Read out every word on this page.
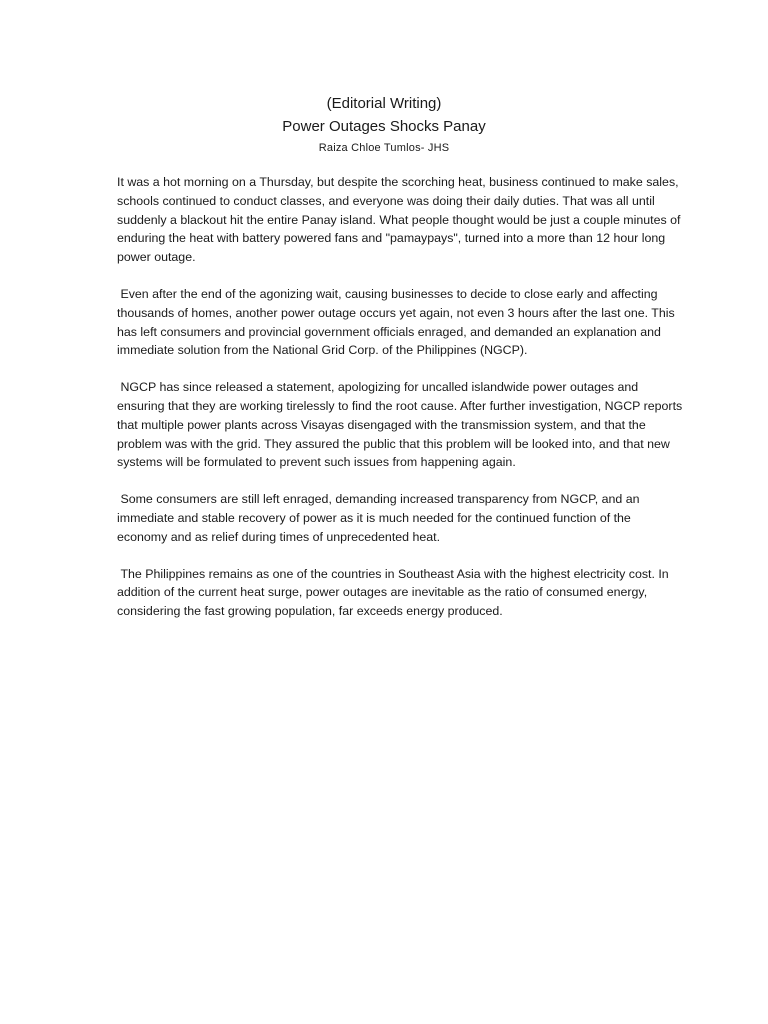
(Editorial Writing)

Power Outages Shocks Panay

Raiza Chloe Tumlos- JHS

It was a hot morning on a Thursday, but despite the scorching heat, business continued to make sales, schools continued to conduct classes, and everyone was doing their daily duties. That was all until suddenly a blackout hit the entire Panay island. What people thought would be just a couple minutes of enduring the heat with battery powered fans and "pamaypays", turned into a more than 12 hour long power outage.

Even after the end of the agonizing wait, causing businesses to decide to close early and affecting thousands of homes, another power outage occurs yet again, not even 3 hours after the last one. This has left consumers and provincial government officials enraged, and demanded an explanation and immediate solution from the National Grid Corp. of the Philippines (NGCP).

NGCP has since released a statement, apologizing for uncalled islandwide power outages and ensuring that they are working tirelessly to find the root cause. After further investigation, NGCP reports that multiple power plants across Visayas disengaged with the transmission system, and that the problem was with the grid. They assured the public that this problem will be looked into, and that new systems will be formulated to prevent such issues from happening again.

Some consumers are still left enraged, demanding increased transparency from NGCP, and an immediate and stable recovery of power as it is much needed for the continued function of the economy and as relief during times of unprecedented heat.

The Philippines remains as one of the countries in Southeast Asia with the highest electricity cost. In addition of the current heat surge, power outages are inevitable as the ratio of consumed energy, considering the fast growing population, far exceeds energy produced.
